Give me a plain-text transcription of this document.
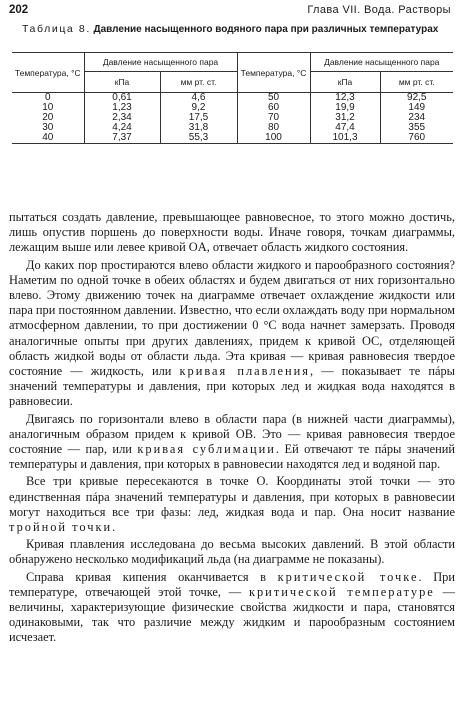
202	Глава VII. Вода. Растворы
Таблица 8. Давление насыщенного водяного пара при различных температурах
Температура, °C	Давление насыщенного пара		Температура, °C	Давление насыщенного пара	
	кПа	мм рт. ст.		кПа	мм рт. ст.
0	0,61	4,6	50	12,3	92,5
10	1,23	9,2	60	19,9	149
20	2,34	17,5	70	31,2	234
30	4,24	31,8	80	47,4	355
40	7,37	55,3	100	101,3	760

пытаться создать давление, превышающее равновесное, то этого можно достичь, лишь опустив поршень до поверхности воды. Иначе говоря, точкам диаграммы, лежащим выше или левее кривой OA, отвечает область жидкого состояния.

До каких пор простираются влево области жидкого и парообразного состояния? Наметим по одной точке в обеих областях и будем двигаться от них горизонтально влево. Этому движению точек на диаграмме отвечает охлаждение жидкости или пара при постоянном давлении. Известно, что если охлаждать воду при нормальном атмосферном давлении, то при достижении 0 °С вода начнет замерзать. Проводя аналогичные опыты при других давлениях, придем к кривой OC, отделяющей область жидкой воды от области льда. Эта кривая — кривая равновесия твердое состояние — жидкость, или кривая плавления, — показывает те пáры значений температуры и давления, при которых лед и жидкая вода находятся в равновесии.

Двигаясь по горизонтали влево в области пара (в нижней части диаграммы), аналогичным образом придем к кривой OB. Это — кривая равновесия твердое состояние — пар, или кривая сублимации. Ей отвечают те пáры значений температуры и давления, при которых в равновесии находятся лед и водяной пар.

Все три кривые пересекаются в точке O. Координаты этой точки — это единственная пáра значений температуры и давления, при которых в равновесии могут находиться все три фазы: лед, жидкая вода и пар. Она носит название тройной точки.

Кривая плавления исследована до весьма высоких давлений. В этой области обнаружено несколько модификаций льда (на диаграмме не показаны).

Справа кривая кипения оканчивается в критической точке. При температуре, отвечающей этой точке, — критической температуре — величины, характеризующие физические свойства жидкости и пара, становятся одинаковыми, так что различие между жидким и парообразным состоянием исчезает.
